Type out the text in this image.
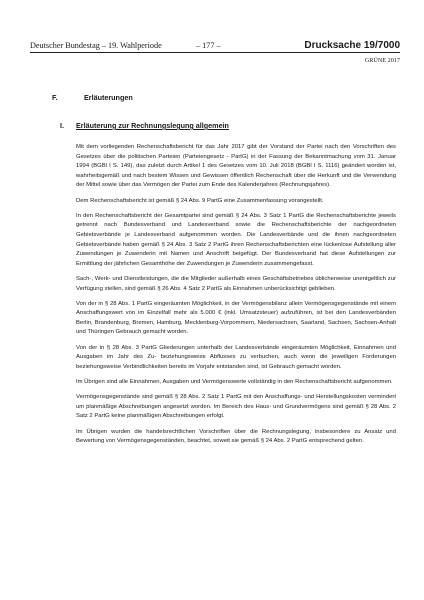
Deutscher Bundestag – 19. Wahlperiode	– 177 –	Drucksache 19/7000
GRÜNE 2017
F.	Erläuterungen
I. Erläuterung zur Rechnungslegung allgemein

Mit dem vorliegenden Rechenschaftsbericht für das Jahr 2017 gibt der Vorstand der Partei nach den Vorschriften des Gesetzes über die politischen Parteien (Parteiengesetz - PartG) in der Fassung der Bekanntmachung vom 31. Januar 1994 (BGBl I S. 149), das zuletzt durch Artikel 1 des Gesetzes vom 10. Juli 2018 (BGBl I S. 1116) geändert worden ist, wahrheitsgemäß und nach bestem Wissen und Gewissen öffentlich Rechenschaft über die Herkunft und die Verwendung der Mittel sowie über das Vermögen der Partei zum Ende des Kalenderjahres (Rechnungsjahres).

Dem Rechenschaftsbericht ist gemäß § 24 Abs. 9 PartG eine Zusammenfassung vorangestellt.

In den Rechenschaftsbericht der Gesamtpartei sind gemäß § 24 Abs. 3 Satz 1 PartG die Rechenschaftsberichte jeweils getrennt nach Bundesverband und Landesverband sowie die Rechenschaftsberichte der nachgeordneten Gebietsverbände je Landesverband aufgenommen worden. Die Landesverbände und die ihnen nachgeordneten Gebietsverbände haben gemäß § 24 Abs. 3 Satz 2 PartG ihren Rechenschaftsberichten eine lückenlose Aufstellung aller Zuwendungen je Zuwenderin mit Namen und Anschrift beigefügt. Der Bundesverband hat diese Aufstellungen zur Ermittlung der jährlichen Gesamthöhe der Zuwendungen je Zuwenderin zusammengefasst.

Sach-, Werk- und Dienstleistungen, die die Mitglieder außerhalb eines Geschäftsbetriebes üblicherweise unentgeltlich zur Verfügung stellen, sind gemäß § 26 Abs. 4 Satz 2 PartG als Einnahmen unberücksichtigt geblieben.

Von der in § 28 Abs. 1 PartG eingeräumten Möglichkeit, in der Vermögensbilanz allein Vermögensgegenstände mit einem Anschaffungswert von im Einzelfall mehr als 5.000 € (inkl. Umsatzsteuer) aufzuführen, ist bei den Landesverbänden Berlin, Brandenburg, Bremen, Hamburg, Mecklenburg-Vorpommern, Niedersachsen, Saarland, Sachsen, Sachsen-Anhalt und Thüringen Gebrauch gemacht worden.

Von der in § 28 Abs. 3 PartG Gliederungen unterhalb der Landesverbände eingeräumten Möglichkeit, Einnahmen und Ausgaben im Jahr des Zu- beziehungsweise Abflusses zu verbuchen, auch wenn die jeweiligen Forderungen beziehungsweise Verbindlichkeiten bereits im Vorjahr entstanden sind, ist Gebrauch gemacht worden.

Im Übrigen sind alle Einnahmen, Ausgaben und Vermögenswerte vollständig in den Rechenschaftsbericht aufgenommen.

Vermögensgegenstände sind gemäß § 28 Abs. 2 Satz 1 PartG mit den Anschaffungs- und Herstellungskosten vermindert um planmäßige Abschreibungen angesetzt worden. Im Bereich des Haus- und Grundvermögens sind gemäß § 28 Abs. 2 Satz 2 PartG keine planmäßigen Abschreibungen erfolgt.

Im Übrigen wurden die handelsrechtlichen Vorschriften über die Rechnungslegung, insbesondere zu Ansatz und Bewertung von Vermögensgegenständen, beachtet, soweit sie gemäß § 24 Abs. 2 PartG entsprechend gelten.
